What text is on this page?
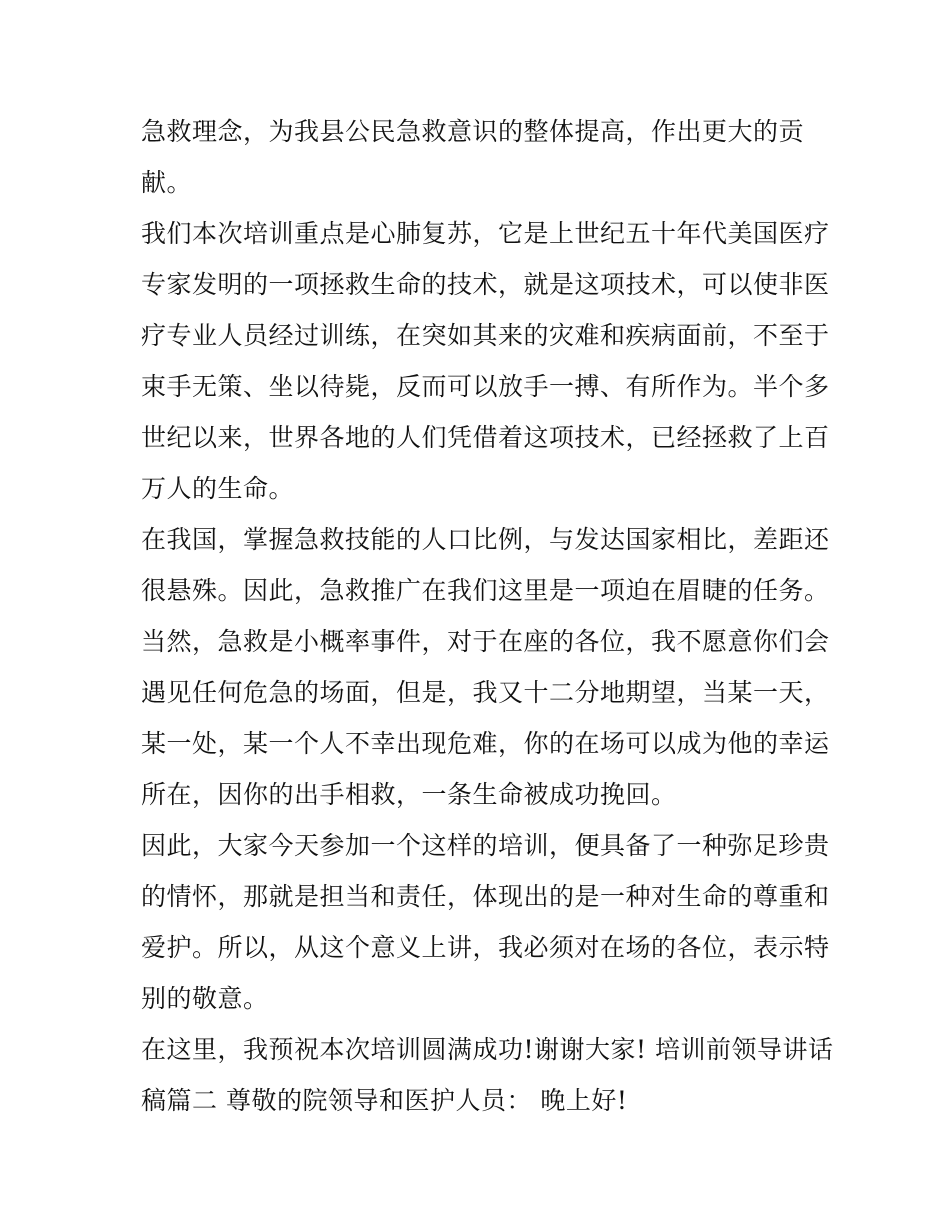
急救理念，为我县公民急救意识的整体提高，作出更大的贡
献。
我们本次培训重点是心肺复苏，它是上世纪五十年代美国医疗
专家发明的一项拯救生命的技术，就是这项技术，可以使非医
疗专业人员经过训练，在突如其来的灾难和疾病面前，不至于
束手无策、坐以待毙，反而可以放手一搏、有所作为。半个多
世纪以来，世界各地的人们凭借着这项技术，已经拯救了上百
万人的生命。
在我国，掌握急救技能的人口比例，与发达国家相比，差距还
很悬殊。因此，急救推广在我们这里是一项迫在眉睫的任务。
当然，急救是小概率事件，对于在座的各位，我不愿意你们会
遇见任何危急的场面，但是，我又十二分地期望，当某一天，
某一处，某一个人不幸出现危难，你的在场可以成为他的幸运
所在，因你的出手相救，一条生命被成功挽回。
因此，大家今天参加一个这样的培训，便具备了一种弥足珍贵
的情怀，那就是担当和责任，体现出的是一种对生命的尊重和
爱护。所以，从这个意义上讲，我必须对在场的各位，表示特
别的敬意。
在这里，我预祝本次培训圆满成功!谢谢大家! 培训前领导讲话
稿篇二 尊敬的院领导和医护人员： 晚上好!
